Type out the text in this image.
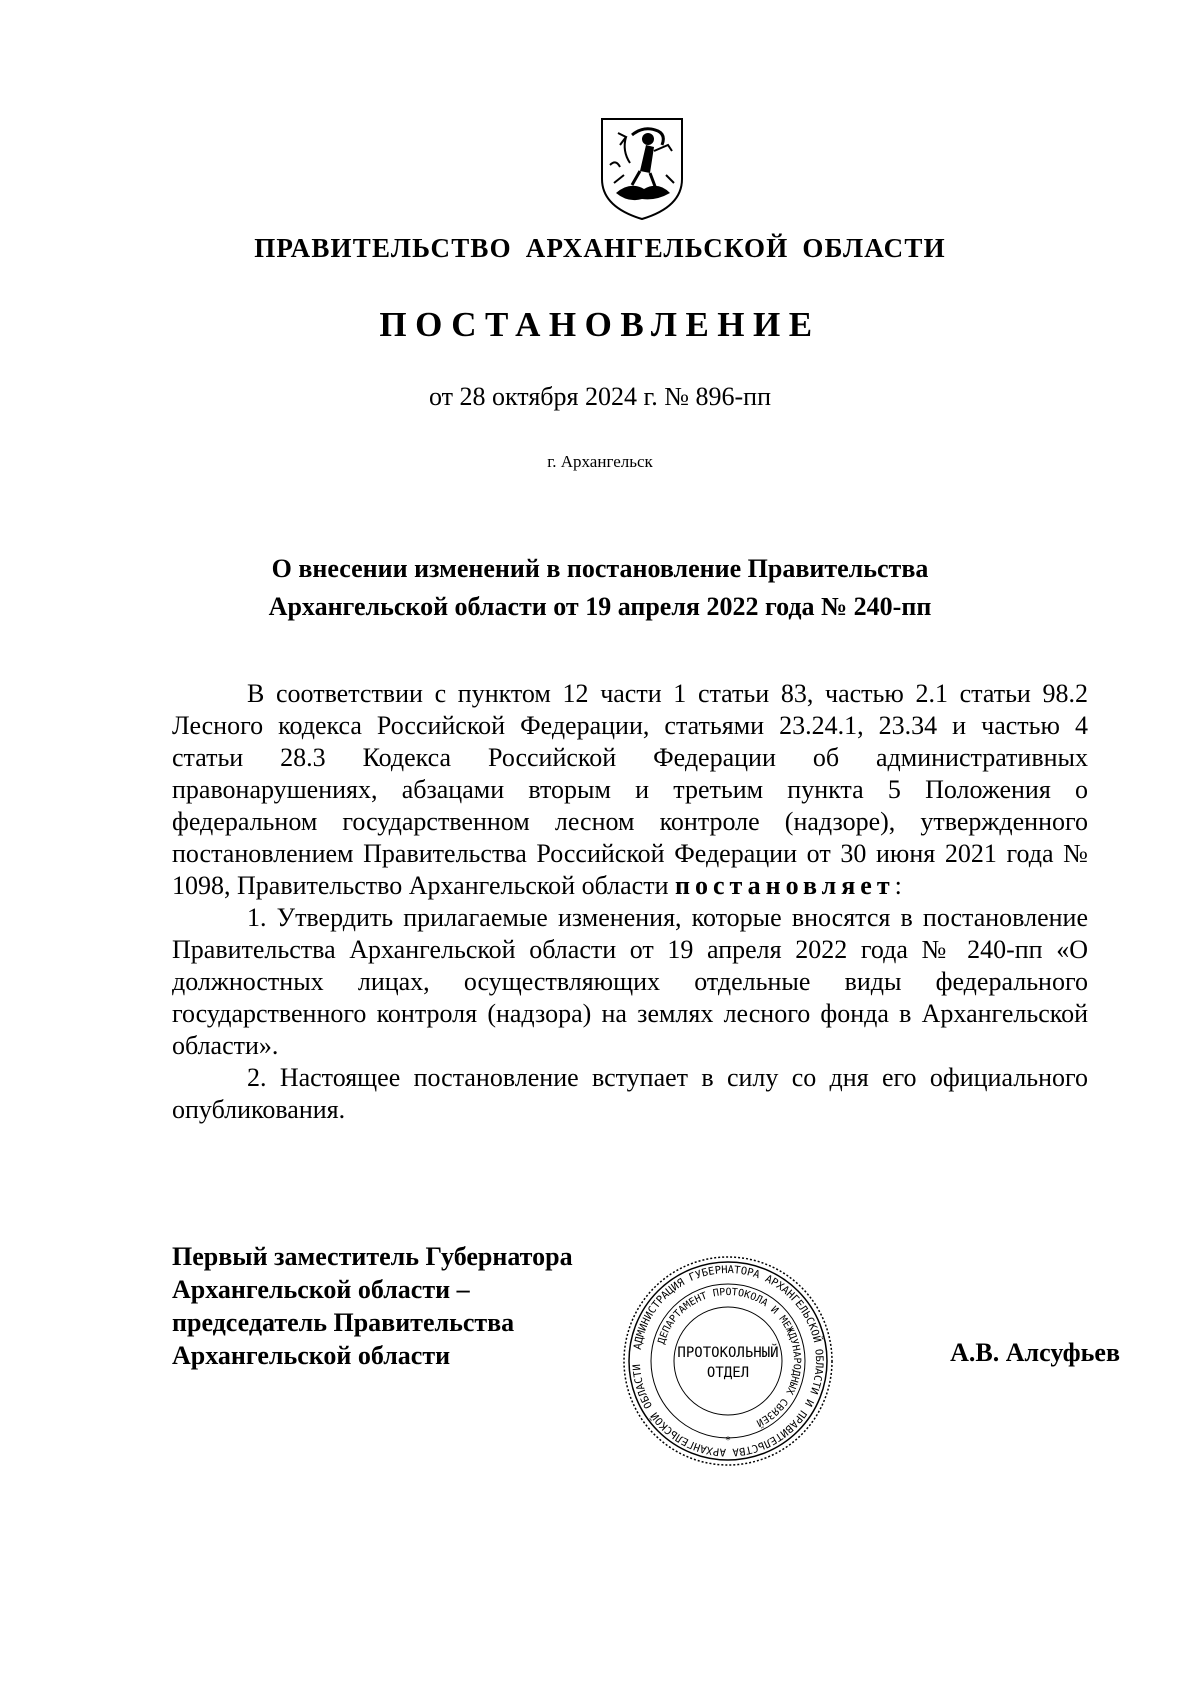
ПРАВИТЕЛЬСТВО АРХАНГЕЛЬСКОЙ ОБЛАСТИ
ПОСТАНОВЛЕНИЕ
от 28 октября 2024 г. № 896-пп
г. Архангельск
О внесении изменений в постановление Правительства
Архангельской области от 19 апреля 2022 года № 240-пп

В соответствии с пунктом 12 части 1 статьи 83, частью 2.1 статьи 98.2 Лесного кодекса Российской Федерации, статьями 23.24.1, 23.34 и частью 4 статьи 28.3 Кодекса Российской Федерации об административных правонарушениях, абзацами вторым и третьим пункта 5 Положения о федеральном государственном лесном контроле (надзоре), утвержденного постановлением Правительства Российской Федерации от 30 июня 2021 года № 1098, Правительство Архангельской области постановляет:

1. Утвердить прилагаемые изменения, которые вносятся в постановление Правительства Архангельской области от 19 апреля 2022 года № 240-пп «О должностных лицах, осуществляющих отдельные виды федерального государственного контроля (надзора) на землях лесного фонда в Архангельской области».

2. Настоящее постановление вступает в силу со дня его официального опубликования.

Первый заместитель Губернатора
Архангельской области –
председатель Правительства
Архангельской области	АДМИНИСТРАЦИЯ ГУБЕРНАТОРА АРХАНГЕЛЬСКОЙ ОБЛАСТИ И ПРАВИТЕЛЬСТВА АРХАНГЕЛЬСКОЙ ОБЛАСТИ
ДЕПАРТАМЕНТ ПРОТОКОЛА И МЕЖДУНАРОДНЫХ СВЯЗЕЙ
ПРОТОКОЛЬНЫЙ
ОТДЕЛ
*
А.В. Алсуфьев
